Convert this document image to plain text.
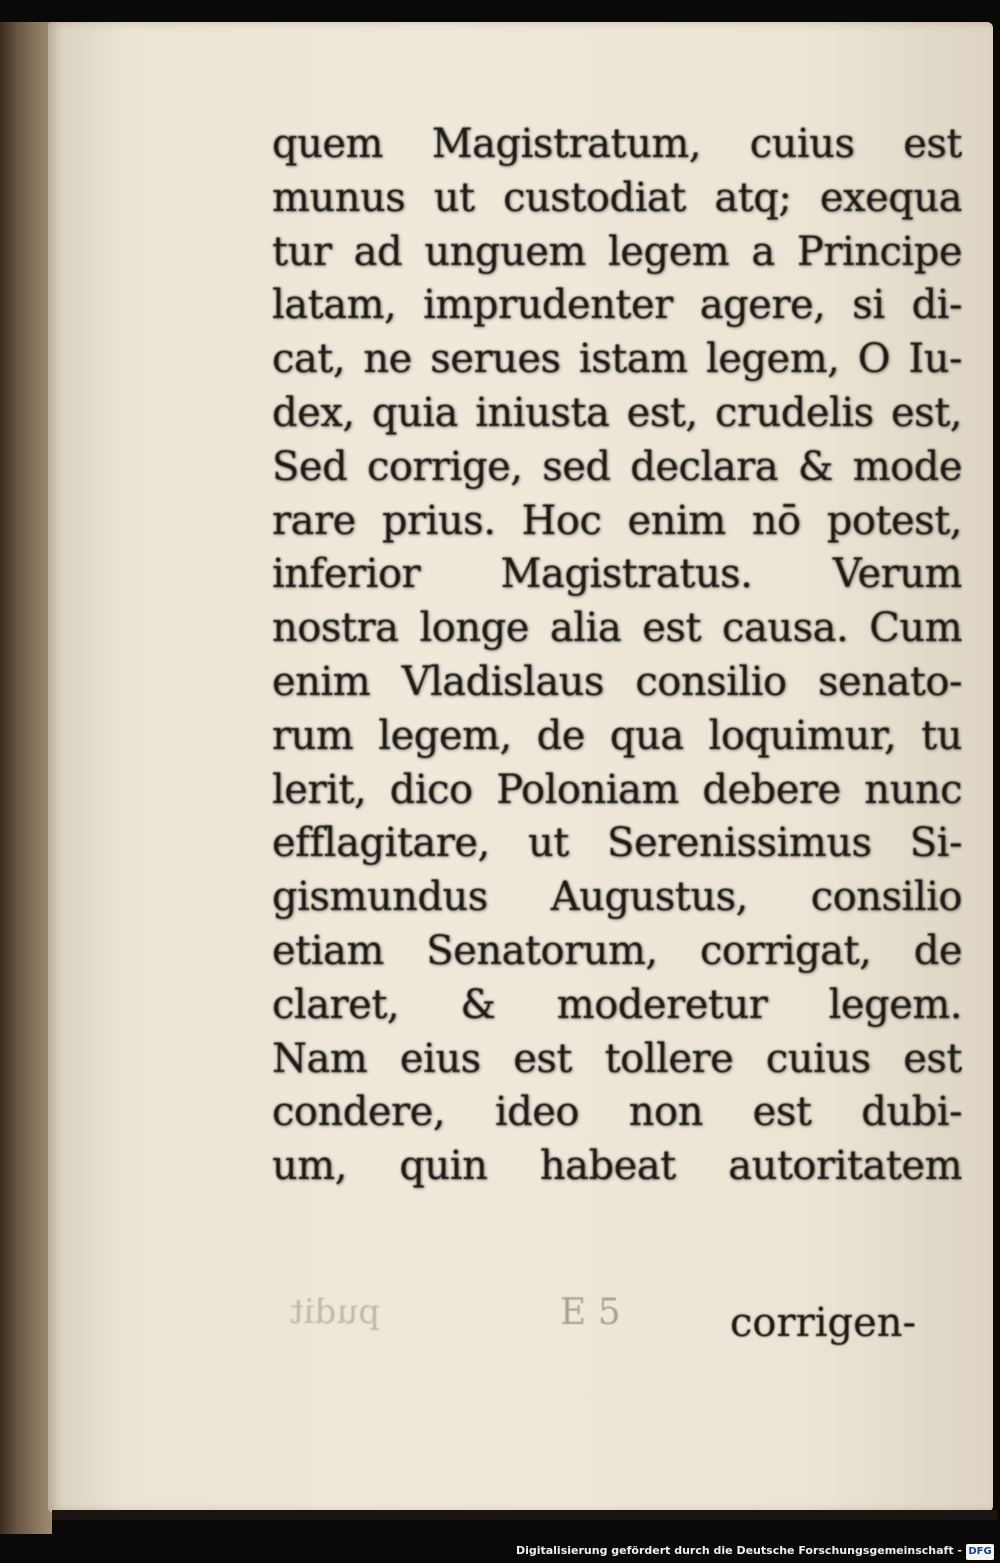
quem Magistratum, cuius est
munus ut custodiat atq; exequa
tur ad unguem legem a Principe
latam, imprudenter agere, si di-
cat, ne serues istam legem, O Iu-
dex, quia iniusta est, crudelis est,
Sed corrige, sed declara & mode
rare prius. Hoc enim nō potest,
inferior Magistratus. Verum
nostra longe alia est causa. Cum
enim Vladislaus consilio senato-
rum legem, de qua loquimur, tu
lerit, dico Poloniam debere nunc
efflagitare, ut Serenissimus Si-
gismundus Augustus, consilio
etiam Senatorum, corrigat, de
claret, & moderetur legem.
Nam eius est tollere cuius est
condere, ideo non est dubi-
um, quin habeat autoritatem
pudit	E 5	corrigen-
Digitalisierung gefördert durch die Deutsche Forschungsgemeinschaft - DFG
